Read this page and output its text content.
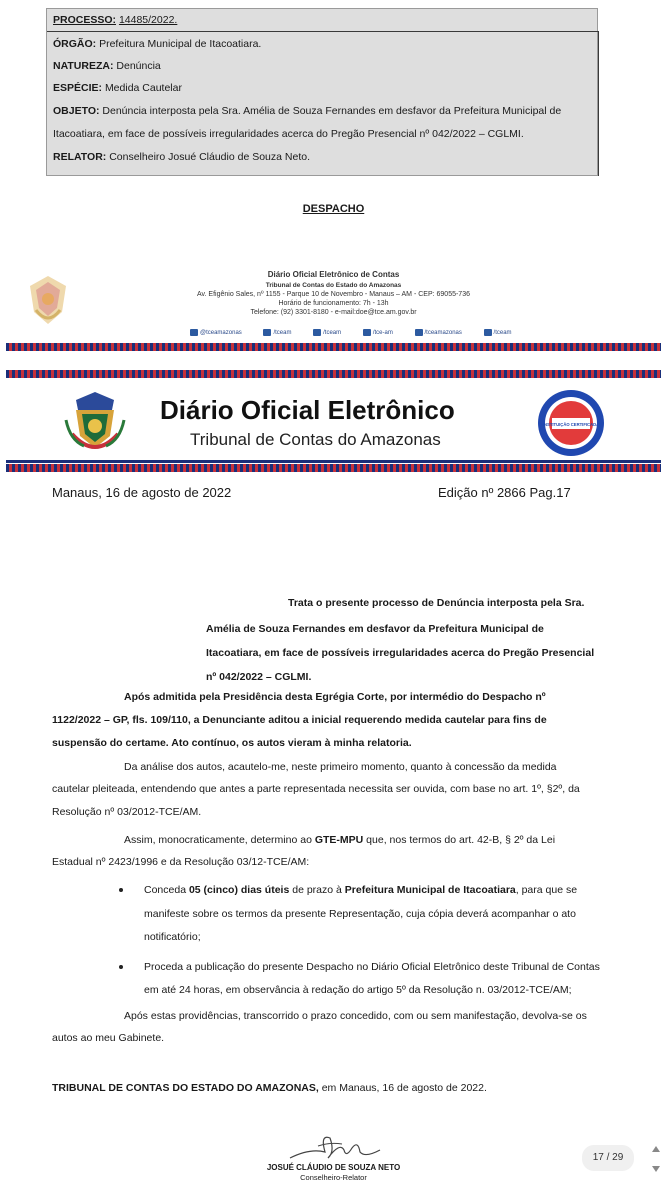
PROCESSO: 14485/2022.
ÓRGÃO: Prefeitura Municipal de Itacoatiara.
NATUREZA: Denúncia
ESPÉCIE: Medida Cautelar
OBJETO: Denúncia interposta pela Sra. Amélia de Souza Fernandes em desfavor da Prefeitura Municipal de
Itacoatiara, em face de possíveis irregularidades acerca do Pregão Presencial nº 042/2022 – CGLMI.
RELATOR: Conselheiro Josué Cláudio de Souza Neto.
DESPACHO
Diário Oficial Eletrônico de Contas
Tribunal de Contas do Estado do Amazonas
Av. Efigênio Sales, nº 1155 - Parque 10 de Novembro - Manaus – AM - CEP: 69055-736
Horário de funcionamento: 7h - 13h
Telefone: (92) 3301-8180 - e-mail:doe@tce.am.gov.br
@tceamazonas	/tceam	/tceam	/tce-am	/tceamazonas	/tceam
Diário Oficial Eletrônico
Tribunal de Contas do Amazonas
INSTITUIÇÃO CERTIFICADA
Manaus, 16 de agosto de 2022	Edição nº 2866 Pag.17
Trata o presente processo de Denúncia interposta pela Sra.
Amélia de Souza Fernandes em desfavor da Prefeitura Municipal de
Itacoatiara, em face de possíveis irregularidades acerca do Pregão Presencial
nº 042/2022 – CGLMI.
Após admitida pela Presidência desta Egrégia Corte, por intermédio do Despacho nº
1122/2022 – GP, fls. 109/110, a Denunciante aditou a inicial requerendo medida cautelar para fins de
suspensão do certame. Ato contínuo, os autos vieram à minha relatoria.
Da análise dos autos, acautelo-me, neste primeiro momento, quanto à concessão da medida
cautelar pleiteada, entendendo que antes a parte representada necessita ser ouvida, com base no art. 1º, §2º, da
Resolução nº 03/2012-TCE/AM.
Assim, monocraticamente, determino ao GTE-MPU que, nos termos do art. 42-B, § 2º da Lei
Estadual nº 2423/1996 e da Resolução 03/12-TCE/AM:
Conceda 05 (cinco) dias úteis de prazo à Prefeitura Municipal de Itacoatiara, para que se
manifeste sobre os termos da presente Representação, cuja cópia deverá acompanhar o ato
notificatório;
Proceda a publicação do presente Despacho no Diário Oficial Eletrônico deste Tribunal de Contas
em até 24 horas, em observância à redação do artigo 5º da Resolução n. 03/2012-TCE/AM;
Após estas providências, transcorrido o prazo concedido, com ou sem manifestação, devolva-se os
autos ao meu Gabinete.
TRIBUNAL DE CONTAS DO ESTADO DO AMAZONAS, em Manaus, 16 de agosto de 2022.
JOSUÉ CLÁUDIO DE SOUZA NETO
Conselheiro-Relator
17 / 29
